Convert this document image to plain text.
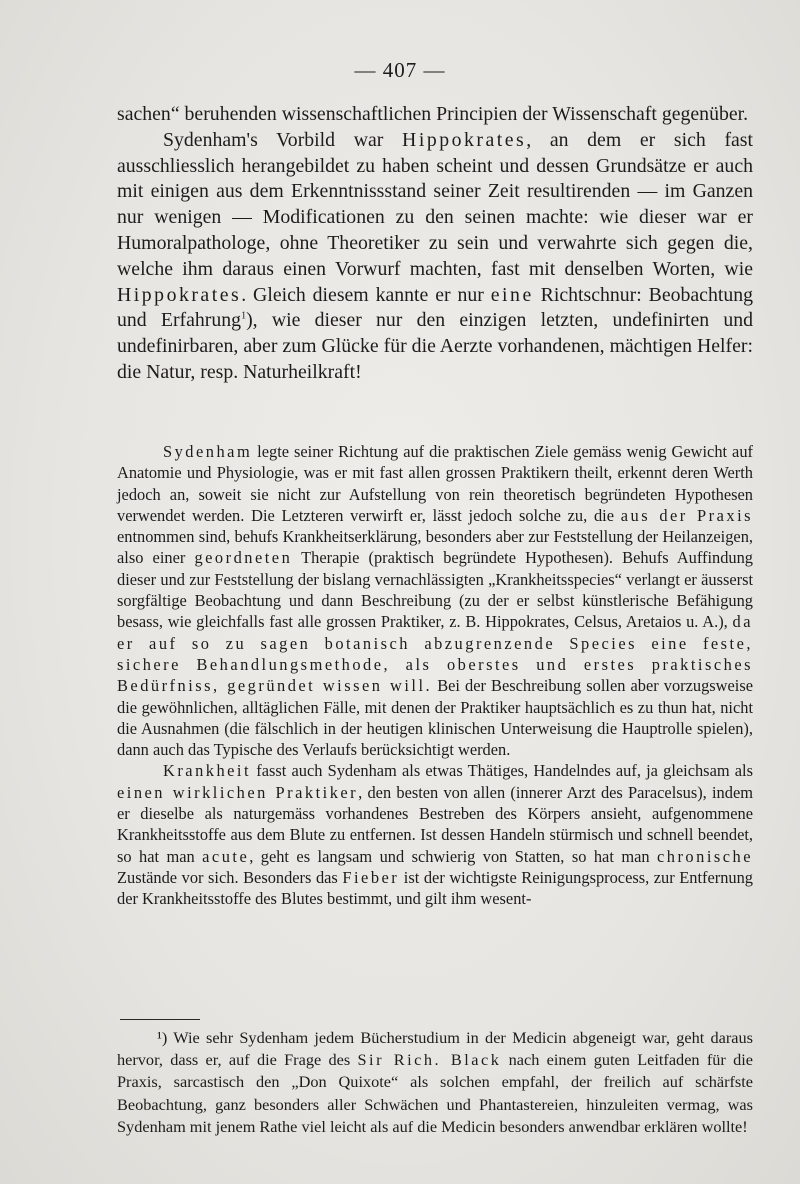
— 407 —

sachen“ beruhenden wissenschaftlichen Principien der Wissenschaft gegenüber.

Sydenham's Vorbild war Hippokrates, an dem er sich fast ausschliesslich herangebildet zu haben scheint und dessen Grundsätze er auch mit einigen aus dem Erkenntnissstand seiner Zeit resultirenden — im Ganzen nur wenigen — Modificationen zu den seinen machte: wie dieser war er Humoralpathologe, ohne Theoretiker zu sein und verwahrte sich gegen die, welche ihm daraus einen Vorwurf machten, fast mit denselben Worten, wie Hippokrates. Gleich diesem kannte er nur eine Richtschnur: Beobachtung und Erfahrung$^1$), wie dieser nur den einzigen letzten, undefinirten und undefinirbaren, aber zum Glücke für die Aerzte vorhandenen, mächtigen Helfer: die Natur, resp. Naturheilkraft!

Sydenham legte seiner Richtung auf die praktischen Ziele gemäss wenig Gewicht auf Anatomie und Physiologie, was er mit fast allen grossen Praktikern theilt, erkennt deren Werth jedoch an, soweit sie nicht zur Aufstellung von rein theoretisch begründeten Hypothesen verwendet werden. Die Letzteren verwirft er, lässt jedoch solche zu, die aus der Praxis entnommen sind, behufs Krankheitserklärung, besonders aber zur Feststellung der Heilanzeigen, also einer geordneten Therapie (praktisch begründete Hypothesen). Behufs Auffindung dieser und zur Feststellung der bislang vernachlässigten „Krankheitsspecies“ verlangt er äusserst sorgfältige Beobachtung und dann Beschreibung (zu der er selbst künstlerische Befähigung besass, wie gleichfalls fast alle grossen Praktiker, z. B. Hippokrates, Celsus, Aretaios u. A.), da er auf so zu sagen botanisch abzugrenzende Species eine feste, sichere Behandlungsmethode, als oberstes und erstes praktisches Bedürfniss, gegründet wissen will. Bei der Beschreibung sollen aber vorzugsweise die gewöhnlichen, alltäglichen Fälle, mit denen der Praktiker hauptsächlich es zu thun hat, nicht die Ausnahmen (die fälschlich in der heutigen klinischen Unterweisung die Hauptrolle spielen), dann auch das Typische des Verlaufs berücksichtigt werden.

Krankheit fasst auch Sydenham als etwas Thätiges, Handelndes auf, ja gleichsam als einen wirklichen Praktiker, den besten von allen (innerer Arzt des Paracelsus), indem er dieselbe als naturgemäss vorhandenes Bestreben des Körpers ansieht, aufgenommene Krankheitsstoffe aus dem Blute zu entfernen. Ist dessen Handeln stürmisch und schnell beendet, so hat man acute, geht es langsam und schwierig von Statten, so hat man chronische Zustände vor sich. Besonders das Fieber ist der wichtigste Reinigungsprocess, zur Entfernung der Krankheitsstoffe des Blutes bestimmt, und gilt ihm wesent-

¹) Wie sehr Sydenham jedem Bücherstudium in der Medicin abgeneigt war, geht daraus hervor, dass er, auf die Frage des Sir Rich. Black nach einem guten Leitfaden für die Praxis, sarcastisch den „Don Quixote“ als solchen empfahl, der freilich auf schärfste Beobachtung, ganz besonders aller Schwächen und Phantastereien, hinzuleiten vermag, was Sydenham mit jenem Rathe viel leicht als auf die Medicin besonders anwendbar erklären wollte!
